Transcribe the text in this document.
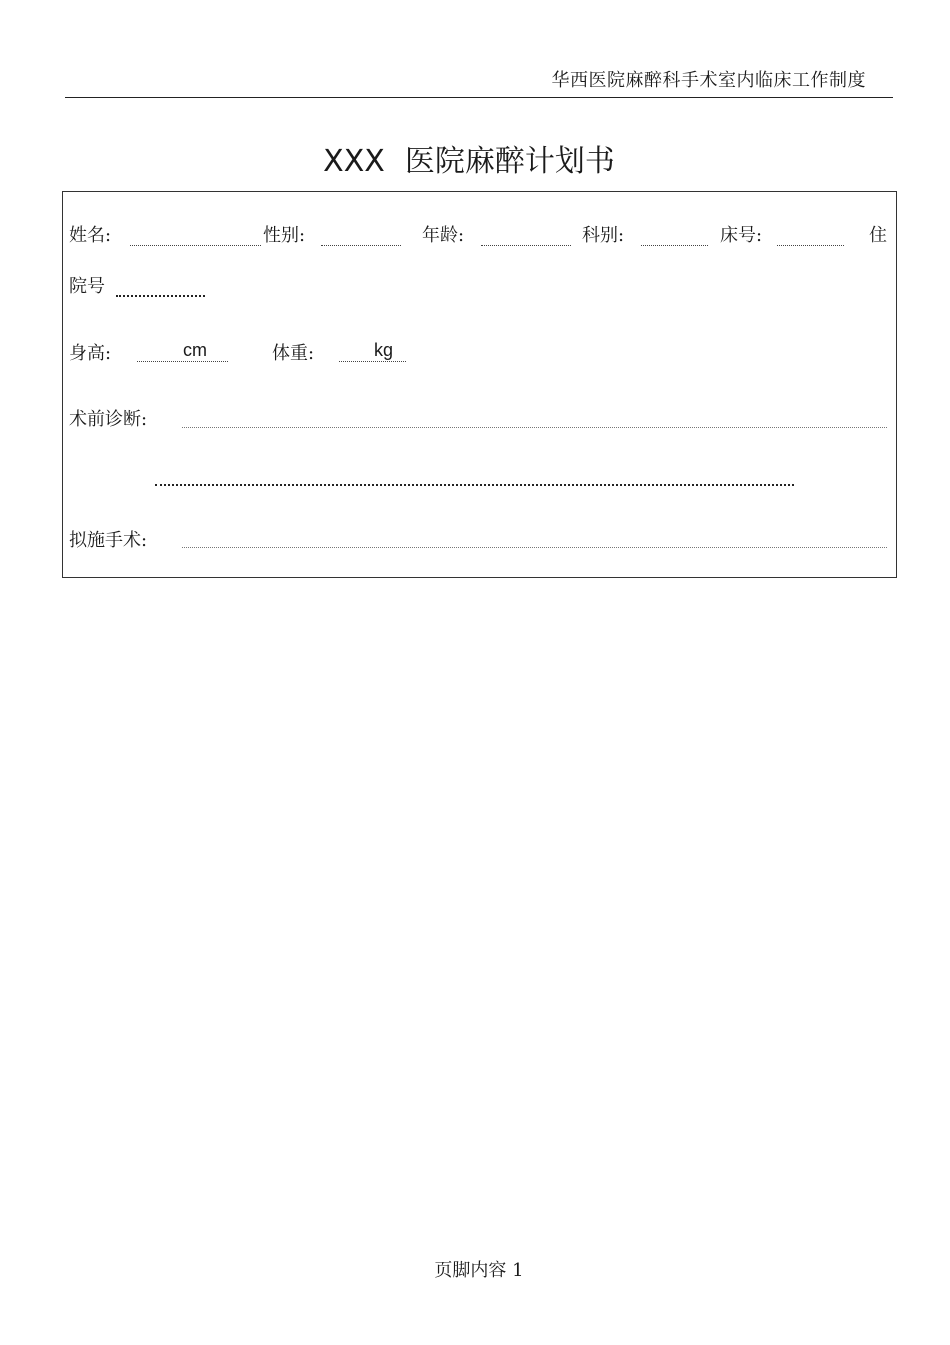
华西医院麻醉科手术室内临床工作制度
XXX 医院麻醉计划书
姓名:	性别:	年龄:	科别:	床号:	住
院号
身高:	cm	体重:	kg
术前诊断:
拟施手术:
页脚内容 1
